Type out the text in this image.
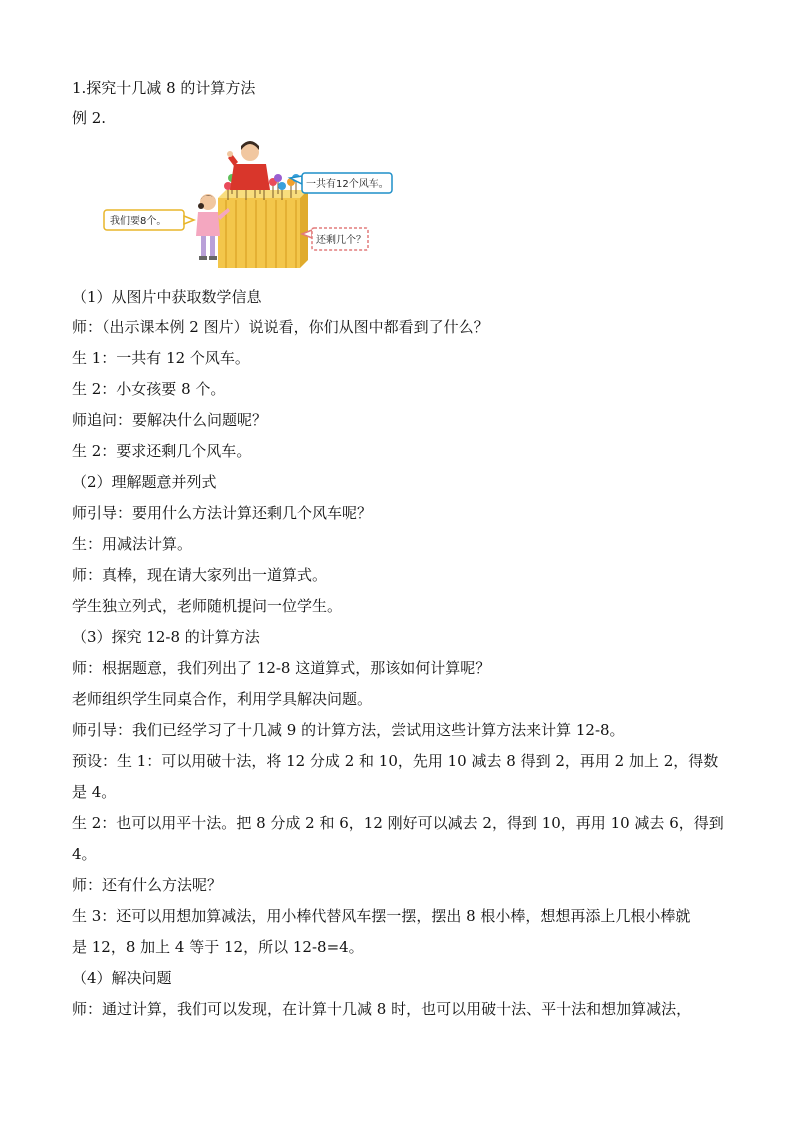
1.探究十几减 8 的计算方法
例 2.
一共有12个风车。
我们要8个。
还剩几个？
（1）从图片中获取数学信息
师：（出示课本例 2 图片）说说看，你们从图中都看到了什么？
生 1：一共有 12 个风车。
生 2：小女孩要 8 个。
师追问：要解决什么问题呢？
生 2：要求还剩几个风车。
（2）理解题意并列式
师引导：要用什么方法计算还剩几个风车呢？
生：用减法计算。
师：真棒，现在请大家列出一道算式。
学生独立列式，老师随机提问一位学生。
（3）探究 12-8 的计算方法
师：根据题意，我们列出了 12-8 这道算式，那该如何计算呢？
老师组织学生同桌合作，利用学具解决问题。
师引导：我们已经学习了十几减 9 的计算方法，尝试用这些计算方法来计算 12-8。
预设：生 1：可以用破十法，将 12 分成 2 和 10，先用 10 减去 8 得到 2，再用 2 加上 2，得数
是 4。
生 2：也可以用平十法。把 8 分成 2 和 6，12 刚好可以减去 2，得到 10，再用 10 减去 6，得到
4。
师：还有什么方法呢？
生 3：还可以用想加算减法，用小棒代替风车摆一摆，摆出 8 根小棒，想想再添上几根小棒就
是 12，8 加上 4 等于 12，所以 12-8=4。
（4）解决问题
师：通过计算，我们可以发现，在计算十几减 8 时，也可以用破十法、平十法和想加算减法，
